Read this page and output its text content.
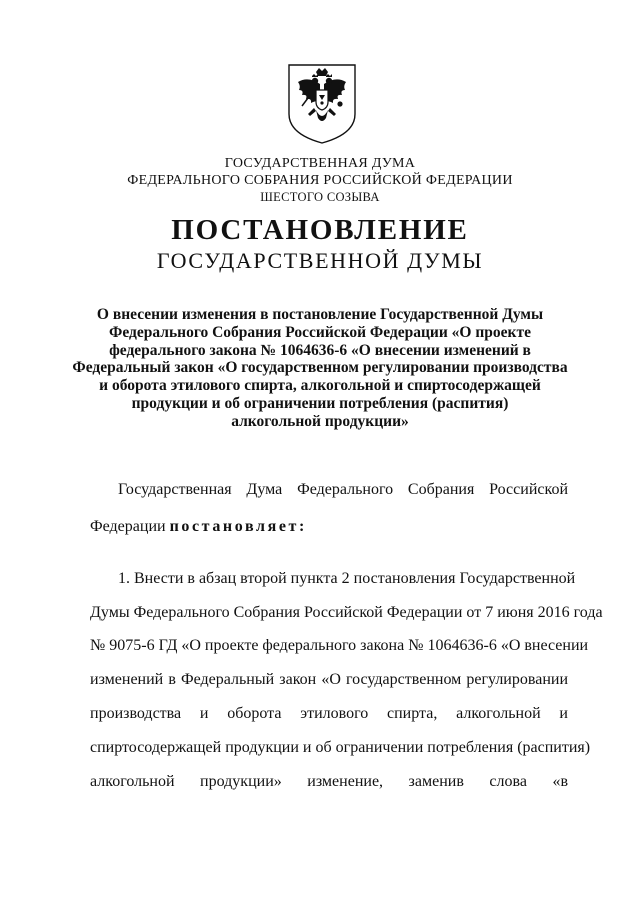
ГОСУДАРСТВЕННАЯ ДУМА
ФЕДЕРАЛЬНОГО СОБРАНИЯ РОССИЙСКОЙ ФЕДЕРАЦИИ
ШЕСТОГО СОЗЫВА
ПОСТАНОВЛЕНИЕ
ГОСУДАРСТВЕННОЙ ДУМЫ
О внесении изменения в постановление Государственной Думы
Федерального Собрания Российской Федерации «О проекте
федерального закона № 1064636-6 «О внесении изменений в
Федеральный закон «О государственном регулировании производства
и оборота этилового спирта, алкогольной и спиртосодержащей
продукции и об ограничении потребления (распития)
алкогольной продукции»
Государственная Дума Федерального Собрания Российской
Федерации постановляет:
1. Внести в абзац второй пункта 2 постановления Государственной
Думы Федерального Собрания Российской Федерации от 7 июня 2016 года
№ 9075-6 ГД «О проекте федерального закона № 1064636-6 «О внесении
изменений в Федеральный закон «О государственном регулировании
производства и оборота этилового спирта, алкогольной и
спиртосодержащей продукции и об ограничении потребления (распития)
алкогольной продукции» изменение, заменив слова «в
